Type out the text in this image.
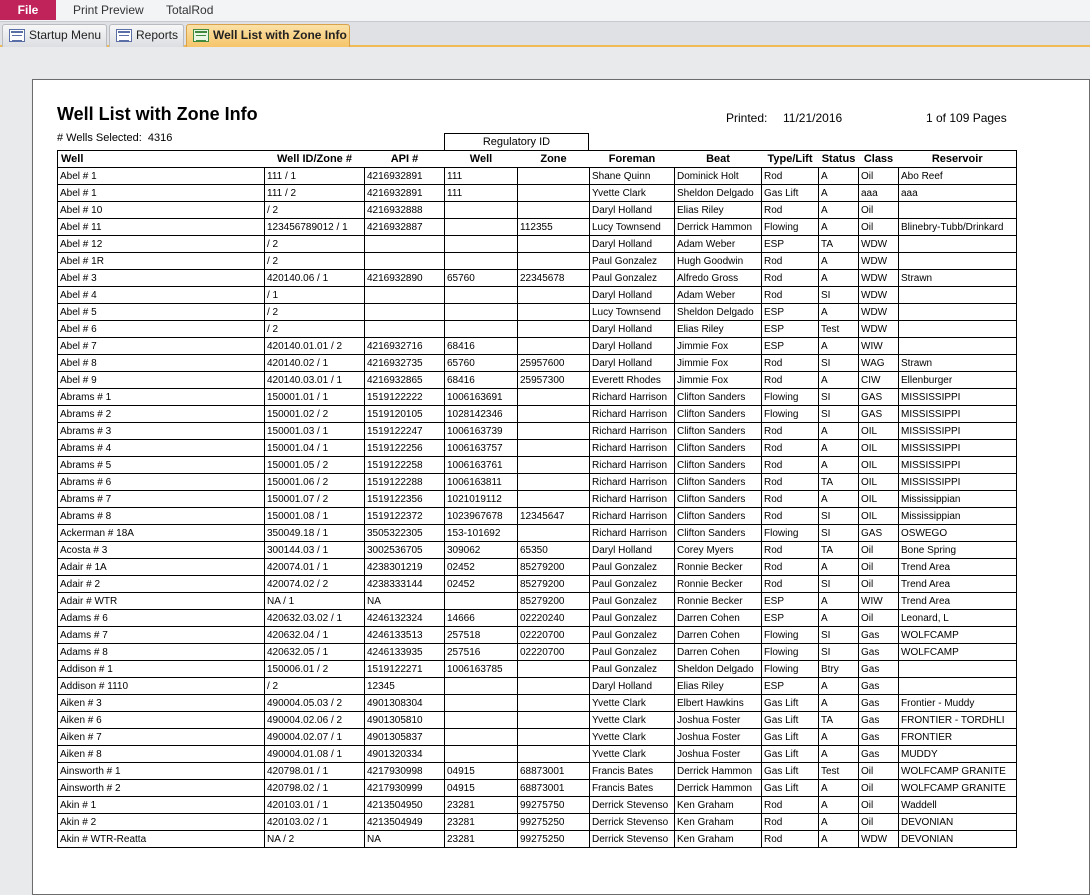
File	Print Preview TotalRod
Startup Menu	Reports	Well List with Zone Info
Well List with Zone Info	Printed: 11/21/2016	1 of 109 Pages
# Wells Selected: 4316	Regulatory ID
Well	Well ID/Zone #	API #	Well	Zone	Foreman	Beat	Type/Lift	Status	Class	Reservoir
Abel # 1	111 / 1	4216932891	111		Shane Quinn	Dominick Holt	Rod	A	Oil	Abo Reef
Abel # 1	111 / 2	4216932891	111		Yvette Clark	Sheldon Delgado	Gas Lift	A	aaa	aaa
Abel # 10	/ 2	4216932888			Daryl Holland	Elias Riley	Rod	A	Oil	
Abel # 11	123456789012 / 1	4216932887		112355	Lucy Townsend	Derrick Hammon	Flowing	A	Oil	Blinebry-Tubb/Drinkard
Abel # 12	/ 2				Daryl Holland	Adam Weber	ESP	TA	WDW	
Abel # 1R	/ 2				Paul Gonzalez	Hugh Goodwin	Rod	A	WDW	
Abel # 3	420140.06 / 1	4216932890	65760	22345678	Paul Gonzalez	Alfredo Gross	Rod	A	WDW	Strawn
Abel # 4	/ 1				Daryl Holland	Adam Weber	Rod	SI	WDW	
Abel # 5	/ 2				Lucy Townsend	Sheldon Delgado	ESP	A	WDW	
Abel # 6	/ 2				Daryl Holland	Elias Riley	ESP	Test	WDW	
Abel # 7	420140.01.01 / 2	4216932716	68416		Daryl Holland	Jimmie Fox	ESP	A	WIW	
Abel # 8	420140.02 / 1	4216932735	65760	25957600	Daryl Holland	Jimmie Fox	Rod	SI	WAG	Strawn
Abel # 9	420140.03.01 / 1	4216932865	68416	25957300	Everett Rhodes	Jimmie Fox	Rod	A	CIW	Ellenburger
Abrams # 1	150001.01 / 1	1519122222	1006163691		Richard Harrison	Clifton Sanders	Flowing	SI	GAS	MISSISSIPPI
Abrams # 2	150001.02 / 2	1519120105	1028142346		Richard Harrison	Clifton Sanders	Flowing	SI	GAS	MISSISSIPPI
Abrams # 3	150001.03 / 1	1519122247	1006163739		Richard Harrison	Clifton Sanders	Rod	A	OIL	MISSISSIPPI
Abrams # 4	150001.04 / 1	1519122256	1006163757		Richard Harrison	Clifton Sanders	Rod	A	OIL	MISSISSIPPI
Abrams # 5	150001.05 / 2	1519122258	1006163761		Richard Harrison	Clifton Sanders	Rod	A	OIL	MISSISSIPPI
Abrams # 6	150001.06 / 2	1519122288	1006163811		Richard Harrison	Clifton Sanders	Rod	TA	OIL	MISSISSIPPI
Abrams # 7	150001.07 / 2	1519122356	1021019112		Richard Harrison	Clifton Sanders	Rod	A	OIL	Mississippian
Abrams # 8	150001.08 / 1	1519122372	1023967678	12345647	Richard Harrison	Clifton Sanders	Rod	SI	OIL	Mississippian
Ackerman # 18A	350049.18 / 1	3505322305	153-101692		Richard Harrison	Clifton Sanders	Flowing	SI	GAS	OSWEGO
Acosta # 3	300144.03 / 1	3002536705	309062	65350	Daryl Holland	Corey Myers	Rod	TA	Oil	Bone Spring
Adair # 1A	420074.01 / 1	4238301219	02452	85279200	Paul Gonzalez	Ronnie Becker	Rod	A	Oil	Trend Area
Adair # 2	420074.02 / 2	4238333144	02452	85279200	Paul Gonzalez	Ronnie Becker	Rod	SI	Oil	Trend Area
Adair # WTR	NA / 1	NA		85279200	Paul Gonzalez	Ronnie Becker	ESP	A	WIW	Trend Area
Adams # 6	420632.03.02 / 1	4246132324	14666	02220240	Paul Gonzalez	Darren Cohen	ESP	A	Oil	Leonard, L
Adams # 7	420632.04 / 1	4246133513	257518	02220700	Paul Gonzalez	Darren Cohen	Flowing	SI	Gas	WOLFCAMP
Adams # 8	420632.05 / 1	4246133935	257516	02220700	Paul Gonzalez	Darren Cohen	Flowing	SI	Gas	WOLFCAMP
Addison # 1	150006.01 / 2	1519122271	1006163785		Paul Gonzalez	Sheldon Delgado	Flowing	Btry	Gas	
Addison # 1110	/ 2	12345			Daryl Holland	Elias Riley	ESP	A	Gas	
Aiken # 3	490004.05.03 / 2	4901308304			Yvette Clark	Elbert Hawkins	Gas Lift	A	Gas	Frontier - Muddy
Aiken # 6	490004.02.06 / 2	4901305810			Yvette Clark	Joshua Foster	Gas Lift	TA	Gas	FRONTIER - TORDHLI
Aiken # 7	490004.02.07 / 1	4901305837			Yvette Clark	Joshua Foster	Gas Lift	A	Gas	FRONTIER
Aiken # 8	490004.01.08 / 1	4901320334			Yvette Clark	Joshua Foster	Gas Lift	A	Gas	MUDDY
Ainsworth # 1	420798.01 / 1	4217930998	04915	68873001	Francis Bates	Derrick Hammon	Gas Lift	Test	Oil	WOLFCAMP GRANITE
Ainsworth # 2	420798.02 / 1	4217930999	04915	68873001	Francis Bates	Derrick Hammon	Gas Lift	A	Oil	WOLFCAMP GRANITE
Akin # 1	420103.01 / 1	4213504950	23281	99275750	Derrick Stevenso	Ken Graham	Rod	A	Oil	Waddell
Akin # 2	420103.02 / 1	4213504949	23281	99275250	Derrick Stevenso	Ken Graham	Rod	A	Oil	DEVONIAN
Akin # WTR-Reatta	NA / 2	NA	23281	99275250	Derrick Stevenso	Ken Graham	Rod	A	WDW	DEVONIAN
